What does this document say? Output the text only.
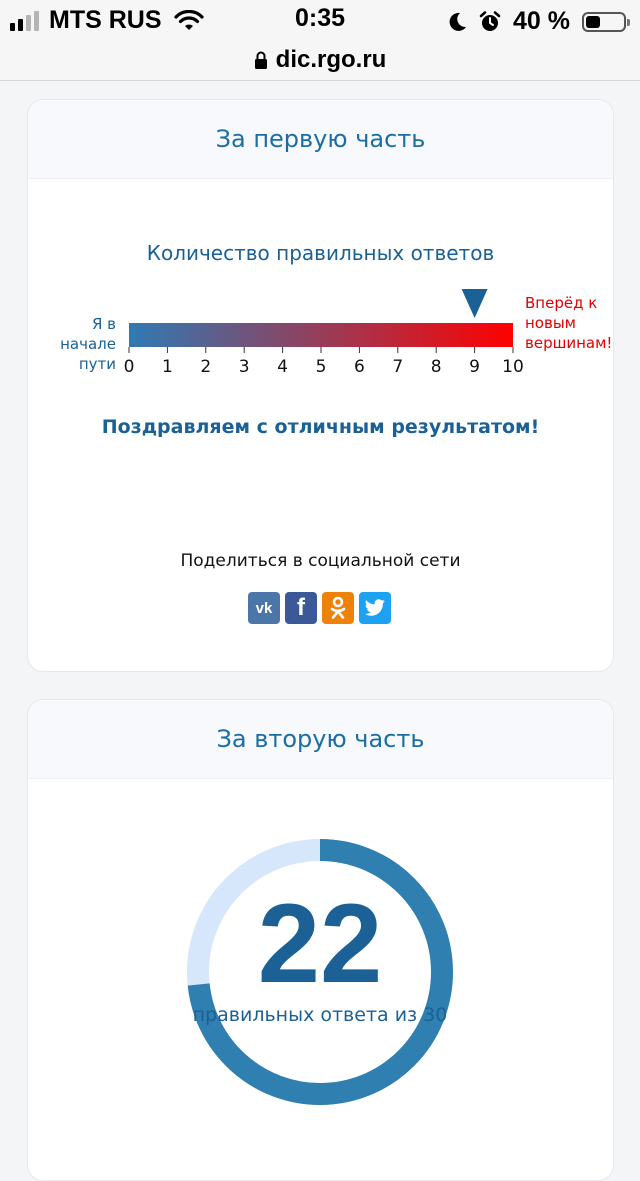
MTS RUS	0:35	40 %
dic.rgo.ru
За первую часть
Количество правильных ответов
0 1 2 3 4 5 6 7 8 9 10
Я в начале пути
Вперёд к новым вершинам!
Поздравляем с отличным результатом!
Поделиться в социальной сети
vk f
За вторую часть
22
правильных ответа из 30
